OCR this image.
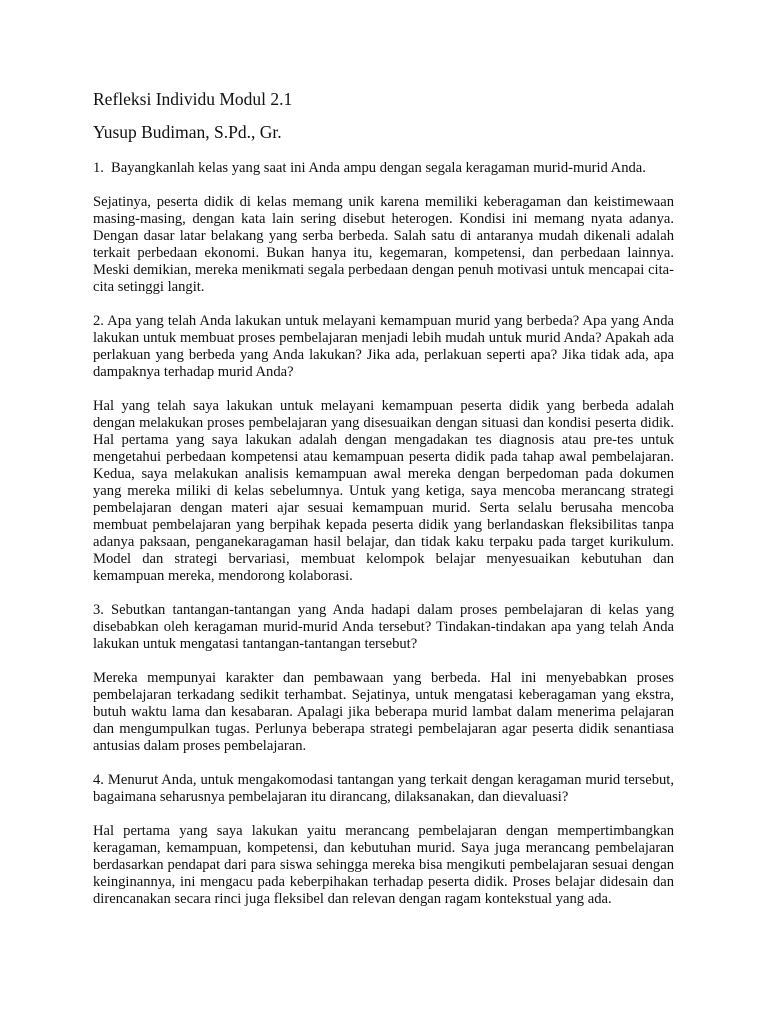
Refleksi Individu Modul 2.1
Yusup Budiman, S.Pd., Gr.
1. Bayangkanlah kelas yang saat ini Anda ampu dengan segala keragaman murid-murid Anda.

Sejatinya, peserta didik di kelas memang unik karena memiliki keberagaman dan keistimewaan masing-masing, dengan kata lain sering disebut heterogen. Kondisi ini memang nyata adanya. Dengan dasar latar belakang yang serba berbeda. Salah satu di antaranya mudah dikenali adalah terkait perbedaan ekonomi. Bukan hanya itu, kegemaran, kompetensi, dan perbedaan lainnya. Meski demikian, mereka menikmati segala perbedaan dengan penuh motivasi untuk mencapai cita-cita setinggi langit.

2. Apa yang telah Anda lakukan untuk melayani kemampuan murid yang berbeda? Apa yang Anda lakukan untuk membuat proses pembelajaran menjadi lebih mudah untuk murid Anda? Apakah ada perlakuan yang berbeda yang Anda lakukan? Jika ada, perlakuan seperti apa? Jika tidak ada, apa dampaknya terhadap murid Anda?

Hal yang telah saya lakukan untuk melayani kemampuan peserta didik yang berbeda adalah dengan melakukan proses pembelajaran yang disesuaikan dengan situasi dan kondisi peserta didik. Hal pertama yang saya lakukan adalah dengan mengadakan tes diagnosis atau pre-tes untuk mengetahui perbedaan kompetensi atau kemampuan peserta didik pada tahap awal pembelajaran. Kedua, saya melakukan analisis kemampuan awal mereka dengan berpedoman pada dokumen yang mereka miliki di kelas sebelumnya. Untuk yang ketiga, saya mencoba merancang strategi pembelajaran dengan materi ajar sesuai kemampuan murid. Serta selalu berusaha mencoba membuat pembelajaran yang berpihak kepada peserta didik yang berlandaskan fleksibilitas tanpa adanya paksaan, penganekaragaman hasil belajar, dan tidak kaku terpaku pada target kurikulum. Model dan strategi bervariasi, membuat kelompok belajar menyesuaikan kebutuhan dan kemampuan mereka, mendorong kolaborasi.

3. Sebutkan tantangan-tantangan yang Anda hadapi dalam proses pembelajaran di kelas yang disebabkan oleh keragaman murid-murid Anda tersebut? Tindakan-tindakan apa yang telah Anda lakukan untuk mengatasi tantangan-tantangan tersebut?

Mereka mempunyai karakter dan pembawaan yang berbeda. Hal ini menyebabkan proses pembelajaran terkadang sedikit terhambat. Sejatinya, untuk mengatasi keberagaman yang ekstra, butuh waktu lama dan kesabaran. Apalagi jika beberapa murid lambat dalam menerima pelajaran dan mengumpulkan tugas. Perlunya beberapa strategi pembelajaran agar peserta didik senantiasa antusias dalam proses pembelajaran.

4. Menurut Anda, untuk mengakomodasi tantangan yang terkait dengan keragaman murid tersebut, bagaimana seharusnya pembelajaran itu dirancang, dilaksanakan, dan dievaluasi?

Hal pertama yang saya lakukan yaitu merancang pembelajaran dengan mempertimbangkan keragaman, kemampuan, kompetensi, dan kebutuhan murid. Saya juga merancang pembelajaran berdasarkan pendapat dari para siswa sehingga mereka bisa mengikuti pembelajaran sesuai dengan keinginannya, ini mengacu pada keberpihakan terhadap peserta didik. Proses belajar didesain dan direncanakan secara rinci juga fleksibel dan relevan dengan ragam kontekstual yang ada.
